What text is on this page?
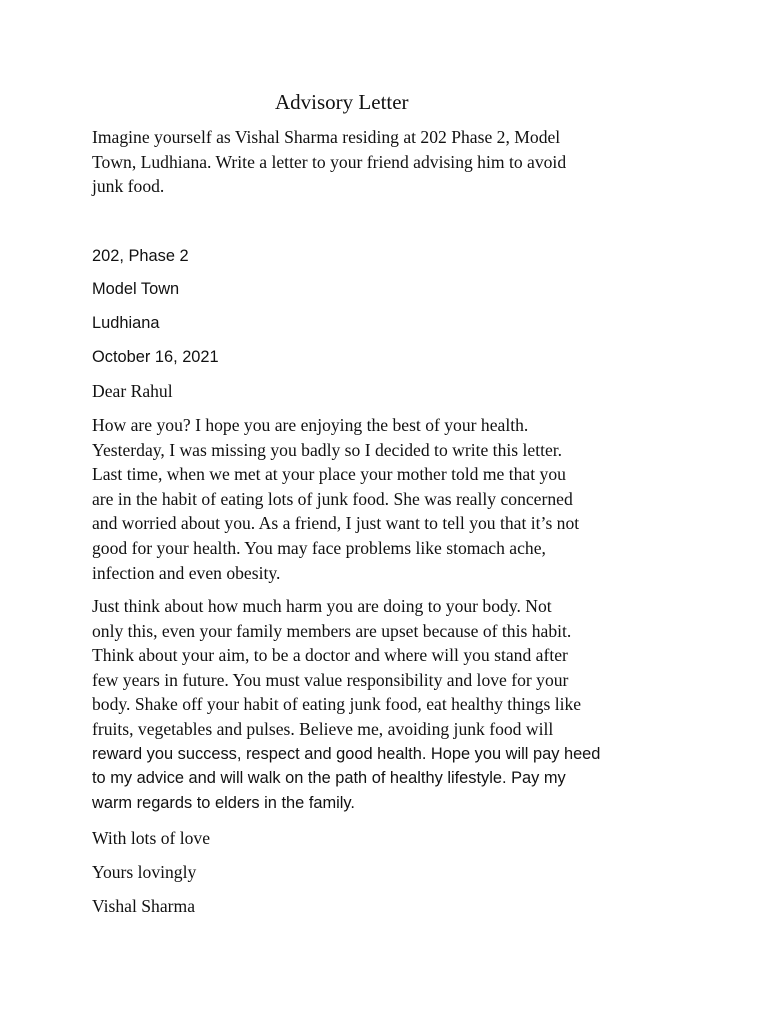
Advisory Letter
Imagine yourself as Vishal Sharma residing at 202 Phase 2, Model
Town, Ludhiana. Write a letter to your friend advising him to avoid
junk food.
202, Phase 2
Model Town
Ludhiana
October 16, 2021
Dear Rahul
How are you? I hope you are enjoying the best of your health.
Yesterday, I was missing you badly so I decided to write this letter.
Last time, when we met at your place your mother told me that you
are in the habit of eating lots of junk food. She was really concerned
and worried about you. As a friend, I just want to tell you that it’s not
good for your health. You may face problems like stomach ache,
infection and even obesity.
Just think about how much harm you are doing to your body. Not
only this, even your family members are upset because of this habit.
Think about your aim, to be a doctor and where will you stand after
few years in future. You must value responsibility and love for your
body. Shake off your habit of eating junk food, eat healthy things like
fruits, vegetables and pulses. Believe me, avoiding junk food will
reward you success, respect and good health. Hope you will pay heed
to my advice and will walk on the path of healthy lifestyle. Pay my
warm regards to elders in the family.
With lots of love
Yours lovingly
Vishal Sharma
